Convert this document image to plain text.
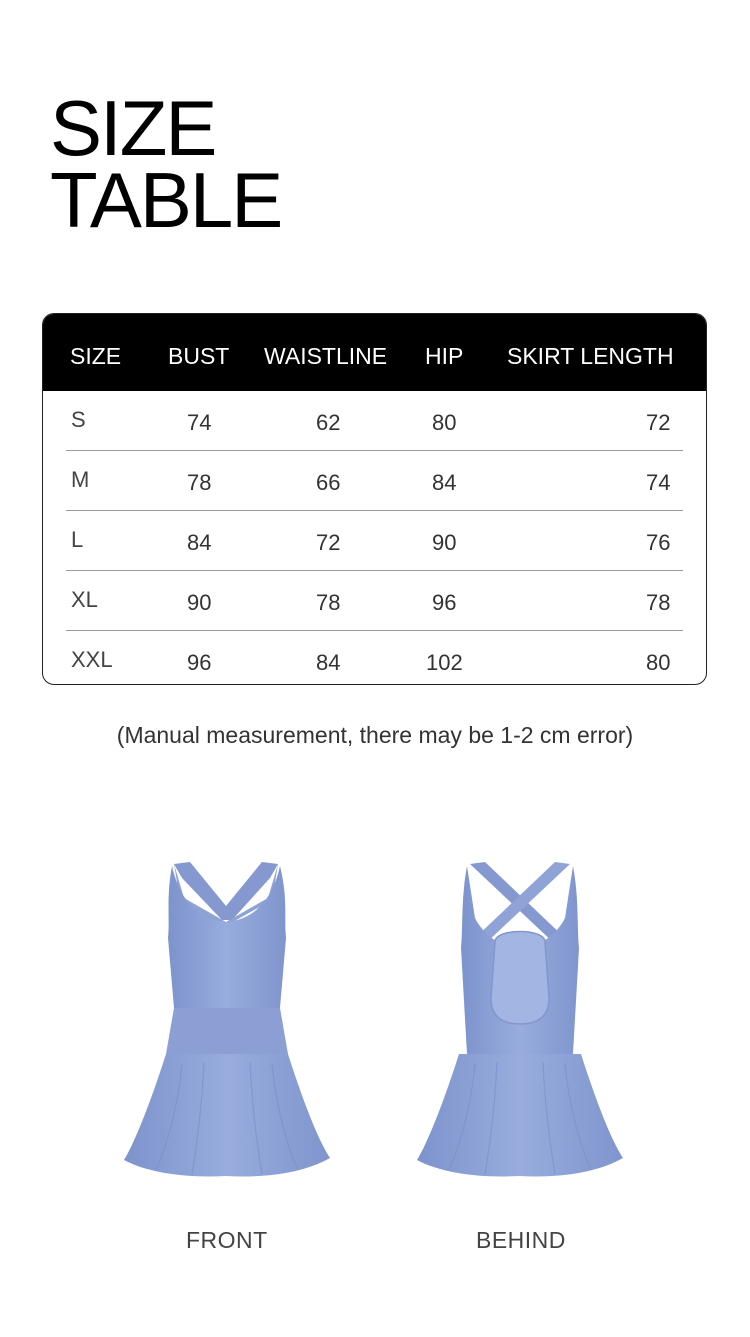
SIZE
TABLE
SIZE BUST WAISTLINE HIP SKIRT LENGTH
S	74	62	80	72
M	78	66	84	74
L	84	72	90	76
XL	90	78	96	78
XXL	96	84	102	80
(Manual measurement, there may be 1-2 cm error)
FRONT	BEHIND
